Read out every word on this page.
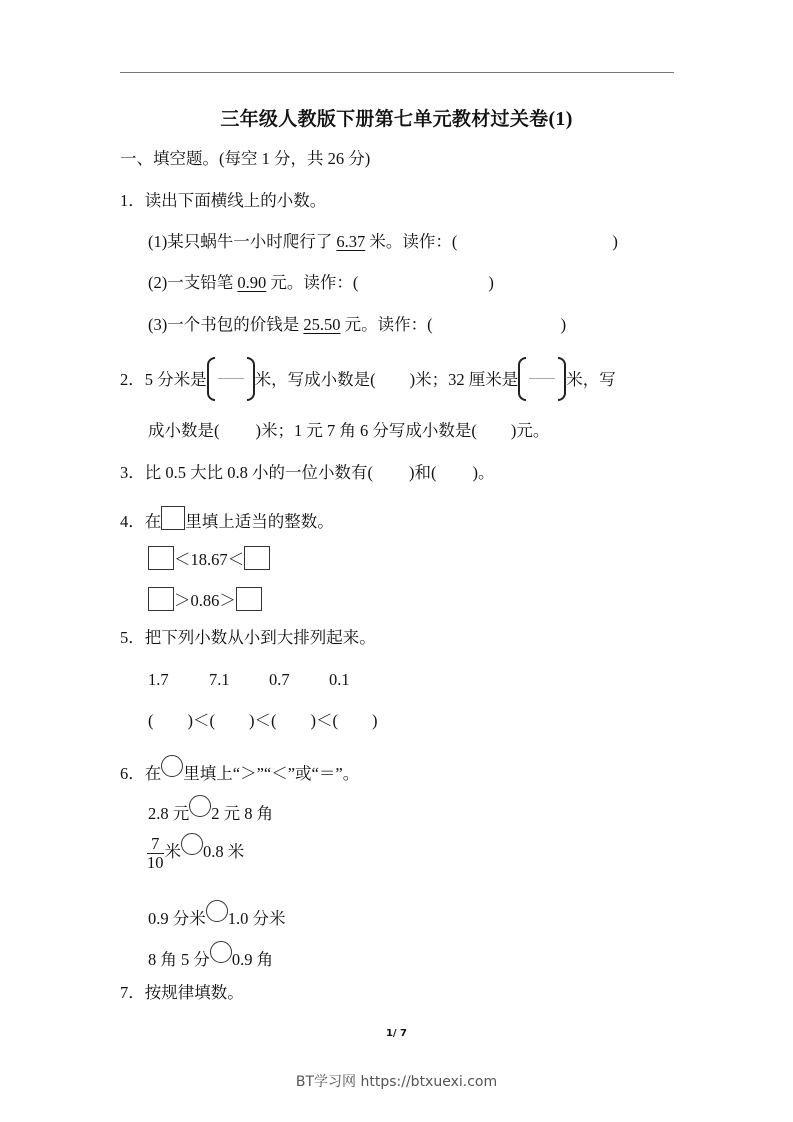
三年级人教版下册第七单元教材过关卷(1)
一、填空题。(每空 1 分，共 26 分)
1．读出下面横线上的小数。
(1)某只蜗牛一小时爬行了 6.37 米。读作：(	)
(2)一支铅笔 0.90 元。读作：(	)
(3)一个书包的价钱是 25.50 元。读作：(	)
2．5 分米是	米，写成小数是( )米；32 厘米是	米，写
成小数是( )米；1 元 7 角 6 分写成小数是( )元。
3．比 0.5 大比 0.8 小的一位小数有( )和( )。
4．在 里填上适当的整数。
＜18.67＜
＞0.86＞
5．把下列小数从小到大排列起来。
1.7 7.1 0.7 0.1
( )＜( )＜( )＜( )
6．在 里填上“＞”“＜”或“＝”。
2.8 元 2 元 8 角
$\frac{7}{10}$ 米 0.8 米
0.9 分米 1.0 分米
8 角 5 分 0.9 角
7．按规律填数。
1/ 7
BT学习网 https://btxuexi.com
